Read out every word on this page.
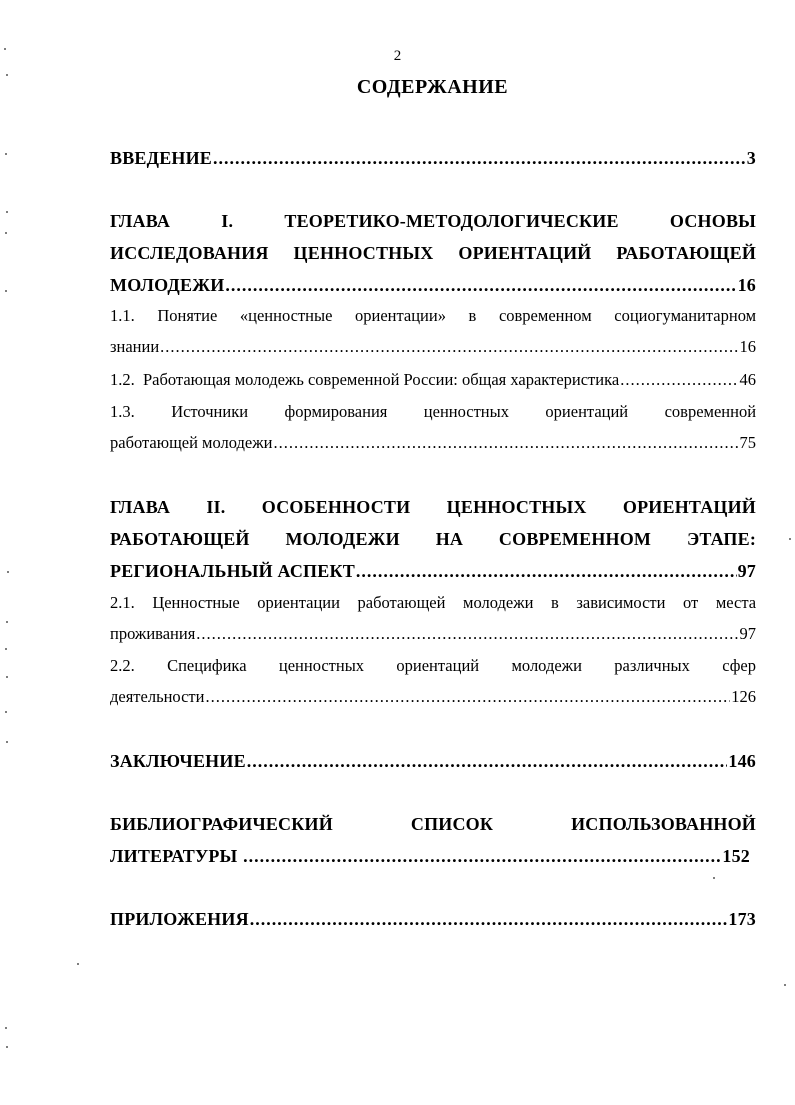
2
СОДЕРЖАНИЕ
ВВЕДЕНИЕ .....	3
ГЛАВА	I.	ТЕОРЕТИКО-МЕТОДОЛОГИЧЕСКИЕ	ОСНОВЫ
ИССЛЕДОВАНИЯ ЦЕННОСТНЫХ ОРИЕНТАЦИЙ РАБОТАЮЩЕЙ
МОЛОДЕЖИ .....	16
1.1. Понятие «ценностные ориентации» в современном социогуманитарном
знании .....	16
1.2.  Работающая молодежь современной России: общая характеристика .....	46
1.3. Источники формирования ценностных ориентаций современной
работающей молодежи .....	75
ГЛАВА II. ОСОБЕННОСТИ ЦЕННОСТНЫХ ОРИЕНТАЦИЙ
РАБОТАЮЩЕЙ МОЛОДЕЖИ НА СОВРЕМЕННОМ ЭТАПЕ:
РЕГИОНАЛЬНЫЙ АСПЕКТ .....	97
2.1. Ценностные ориентации работающей молодежи в зависимости от места
проживания .....	97
2.2. Специфика ценностных ориентаций молодежи различных сфер
деятельности .....	126
ЗАКЛЮЧЕНИЕ .....	146
БИБЛИОГРАФИЧЕСКИЙ	СПИСОК	ИСПОЛЬЗОВАННОЙ
ЛИТЕРАТУРЫ .....	152
ПРИЛОЖЕНИЯ .....	173
